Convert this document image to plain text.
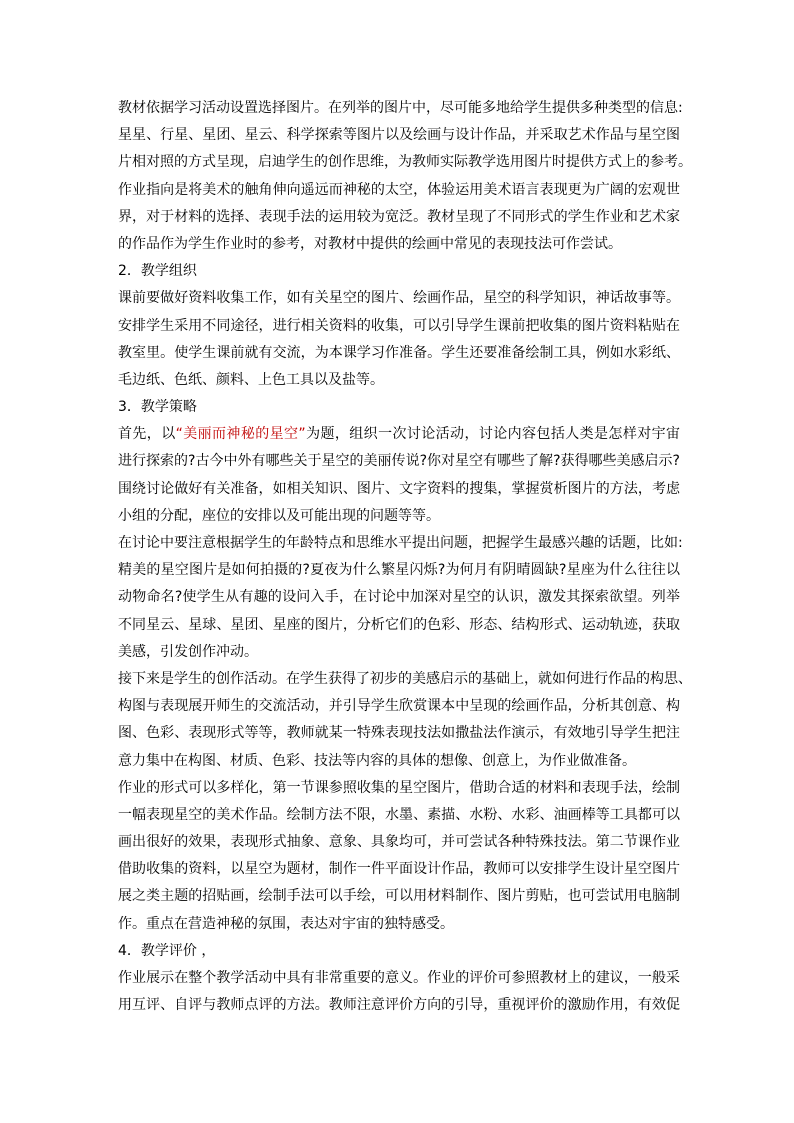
教材依据学习活动设置选择图片。在列举的图片中，尽可能多地给学生提供多种类型的信息:
星星、行星、星团、星云、科学探索等图片以及绘画与设计作品，并采取艺术作品与星空图
片相对照的方式呈现，启迪学生的创作思维，为教师实际教学选用图片时提供方式上的参考。
作业指向是将美术的触角伸向遥远而神秘的太空，体验运用美术语言表现更为广阔的宏观世
界，对于材料的选择、表现手法的运用较为宽泛。教材呈现了不同形式的学生作业和艺术家
的作品作为学生作业时的参考，对教材中提供的绘画中常见的表现技法可作尝试。
2．教学组织
课前要做好资料收集工作，如有关星空的图片、绘画作品，星空的科学知识，神话故事等。
安排学生采用不同途径，进行相关资料的收集，可以引导学生课前把收集的图片资料粘贴在
教室里。使学生课前就有交流，为本课学习作准备。学生还要准备绘制工具，例如水彩纸、
毛边纸、色纸、颜料、上色工具以及盐等。
3．教学策略
首先，以“美丽而神秘的星空”为题，组织一次讨论活动，讨论内容包括人类是怎样对宇宙
进行探索的?古今中外有哪些关于星空的美丽传说?你对星空有哪些了解?获得哪些美感启示?
围绕讨论做好有关准备，如相关知识、图片、文字资料的搜集，掌握赏析图片的方法，考虑
小组的分配，座位的安排以及可能出现的问题等等。
在讨论中要注意根据学生的年龄特点和思维水平提出问题，把握学生最感兴趣的话题，比如:
精美的星空图片是如何拍摄的?夏夜为什么繁星闪烁?为何月有阴晴圆缺?星座为什么往往以
动物命名?使学生从有趣的设问入手，在讨论中加深对星空的认识，激发其探索欲望。列举
不同星云、星球、星团、星座的图片，分析它们的色彩、形态、结构形式、运动轨迹，获取
美感，引发创作冲动。
接下来是学生的创作活动。在学生获得了初步的美感启示的基础上，就如何进行作品的构思、
构图与表现展开师生的交流活动，并引导学生欣赏课本中呈现的绘画作品，分析其创意、构
图、色彩、表现形式等等，教师就某一特殊表现技法如撒盐法作演示，有效地引导学生把注
意力集中在构图、材质、色彩、技法等内容的具体的想像、创意上，为作业做准备。
作业的形式可以多样化，第一节课参照收集的星空图片，借助合适的材料和表现手法，绘制
一幅表现星空的美术作品。绘制方法不限，水墨、素描、水粉、水彩、油画棒等工具都可以
画出很好的效果，表现形式抽象、意象、具象均可，并可尝试各种特殊技法。第二节课作业
借助收集的资料，以星空为题材，制作一件平面设计作品，教师可以安排学生设计星空图片
展之类主题的招贴画，绘制手法可以手绘，可以用材料制作、图片剪贴，也可尝试用电脑制
作。重点在营造神秘的氛围，表达对宇宙的独特感受。
4．教学评价 ，
作业展示在整个教学活动中具有非常重要的意义。作业的评价可参照教材上的建议，一般采
用互评、自评与教师点评的方法。教师注意评价方向的引导，重视评价的激励作用，有效促
